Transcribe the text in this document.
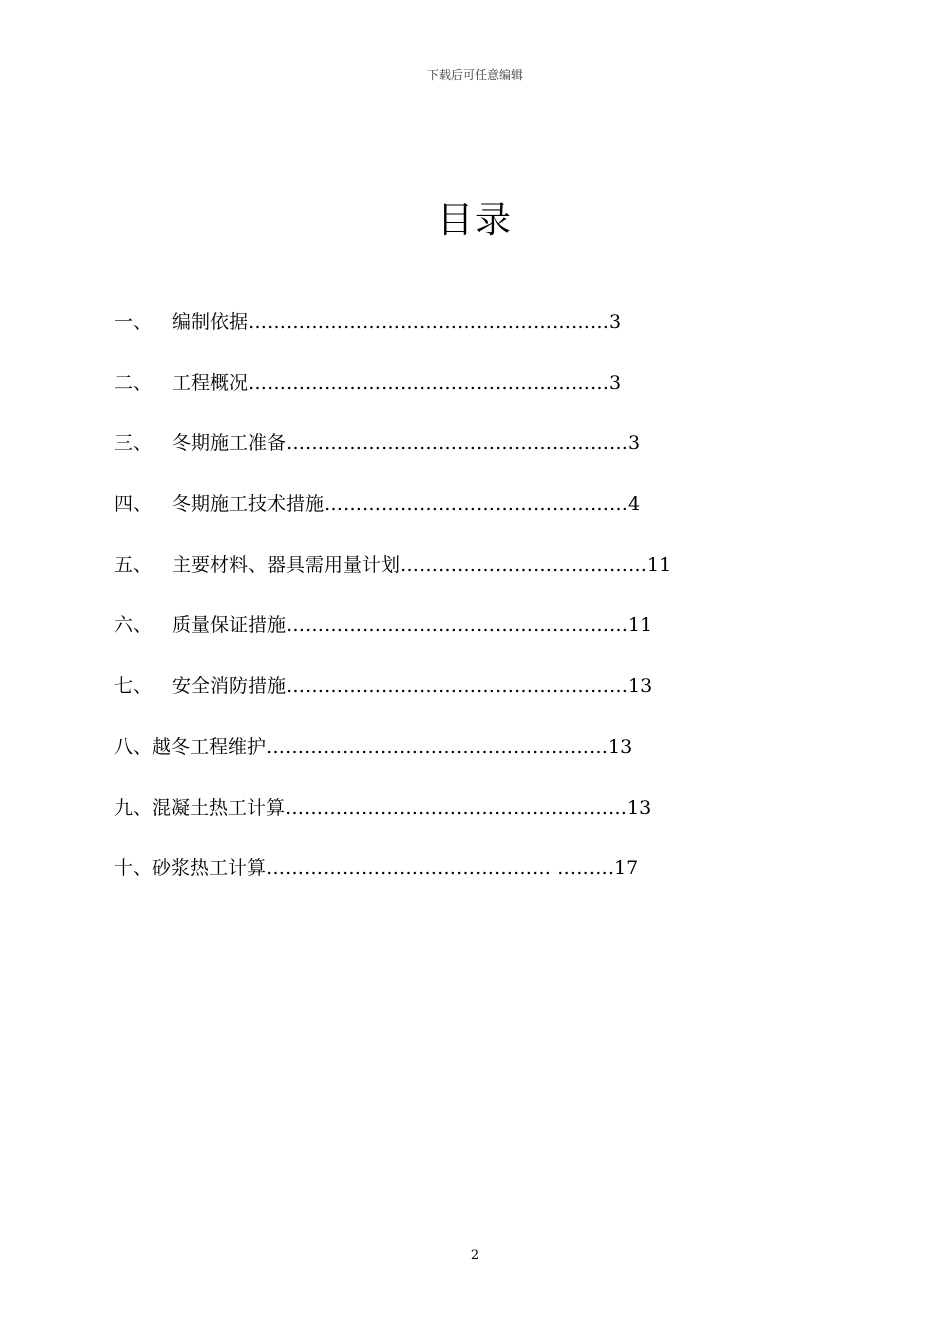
下载后可任意编辑
目录
一、 编制依据…………………………………………………3
二、 工程概况…………………………………………………3
三、 冬期施工准备………………………………………………3
四、 冬期施工技术措施…………………………………………4
五、 主要材料、器具需用量计划…………………………………11
六、 质量保证措施………………………………………………11
七、 安全消防措施………………………………………………13
八、越冬工程维护………………………………………………13
九、混凝土热工计算………………………………………………13
十、砂浆热工计算……………………………………… ………17
2
